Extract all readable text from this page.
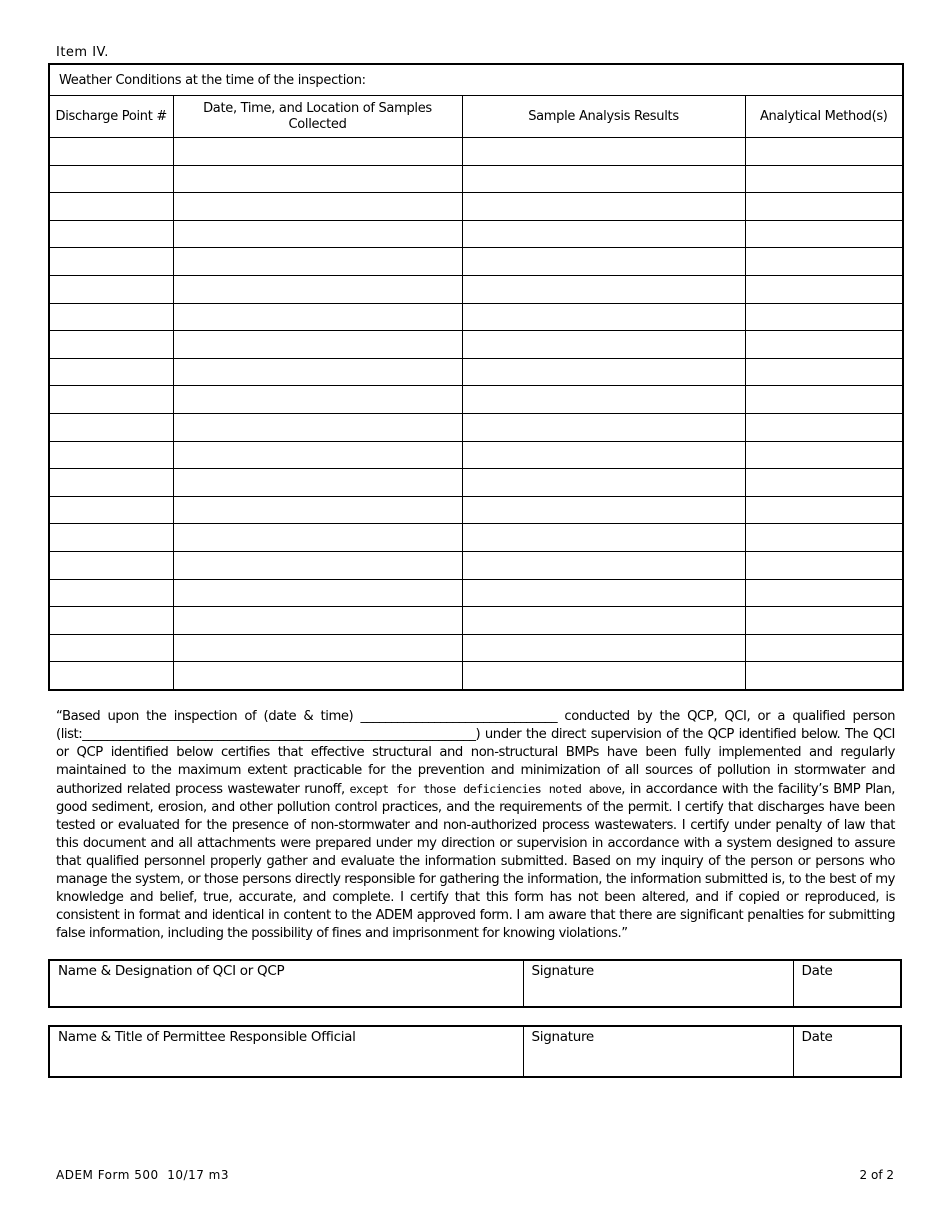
Item IV.
Weather Conditions at the time of the inspection:			
Discharge Point #	Date, Time, and Location of Samples Collected	Sample Analysis Results	Analytical Method(s)

“Based upon the inspection of (date & time) ________________________________ conducted by the QCP, QCI, or a qualified person (list:________________________________________________________________) under the direct supervision of the QCP identified below. The QCI or QCP identified below certifies that effective structural and non-structural BMPs have been fully implemented and regularly maintained to the maximum extent practicable for the prevention and minimization of all sources of pollution in stormwater and authorized related process wastewater runoff, except for those deficiencies noted above, in accordance with the facility’s BMP Plan, good sediment, erosion, and other pollution control practices, and the requirements of the permit. I certify that discharges have been tested or evaluated for the presence of non-stormwater and non-authorized process wastewaters. I certify under penalty of law that this document and all attachments were prepared under my direction or supervision in accordance with a system designed to assure that qualified personnel properly gather and evaluate the information submitted. Based on my inquiry of the person or persons who manage the system, or those persons directly responsible for gathering the information, the information submitted is, to the best of my knowledge and belief, true, accurate, and complete. I certify that this form has not been altered, and if copied or reproduced, is consistent in format and identical in content to the ADEM approved form. I am aware that there are significant penalties for submitting false information, including the possibility of fines and imprisonment for knowing violations.”
Name & Designation of QCI or QCP	Signature	Date
Name & Title of Permittee Responsible Official	Signature	Date
ADEM Form 500  10/17 m3	2 of 2
